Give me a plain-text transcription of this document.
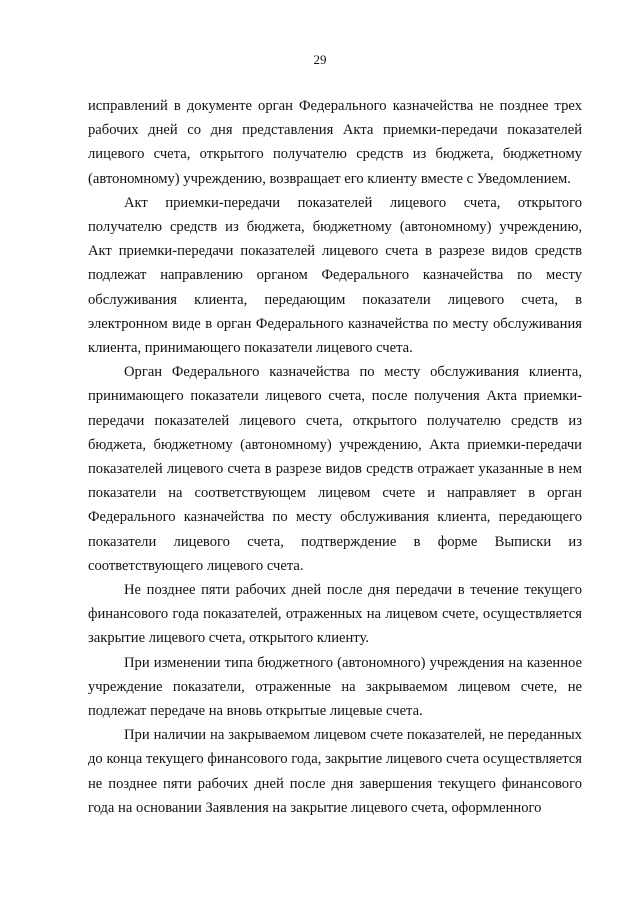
29

исправлений в документе орган Федерального казначейства не позднее трех рабочих дней со дня представления Акта приемки-передачи показателей лицевого счета, открытого получателю средств из бюджета, бюджетному (автономному) учреждению, возвращает его клиенту вместе с Уведомлением.

Акт приемки-передачи показателей лицевого счета, открытого получателю средств из бюджета, бюджетному (автономному) учреждению, Акт приемки-передачи показателей лицевого счета в разрезе видов средств подлежат направлению органом Федерального казначейства по месту обслуживания клиента, передающим показатели лицевого счета, в электронном виде в орган Федерального казначейства по месту обслуживания клиента, принимающего показатели лицевого счета.

Орган Федерального казначейства по месту обслуживания клиента, принимающего показатели лицевого счета, после получения Акта приемки-передачи показателей лицевого счета, открытого получателю средств из бюджета, бюджетному (автономному) учреждению, Акта приемки-передачи показателей лицевого счета в разрезе видов средств отражает указанные в нем показатели на соответствующем лицевом счете и направляет в орган Федерального казначейства по месту обслуживания клиента, передающего показатели лицевого счета, подтверждение в форме Выписки из соответствующего лицевого счета.

Не позднее пяти рабочих дней после дня передачи в течение текущего финансового года показателей, отраженных на лицевом счете, осуществляется закрытие лицевого счета, открытого клиенту.

При изменении типа бюджетного (автономного) учреждения на казенное учреждение показатели, отраженные на закрываемом лицевом счете, не подлежат передаче на вновь открытые лицевые счета.

При наличии на закрываемом лицевом счете показателей, не переданных до конца текущего финансового года, закрытие лицевого счета осуществляется не позднее пяти рабочих дней после дня завершения текущего финансового года на основании Заявления на закрытие лицевого счета, оформленного
